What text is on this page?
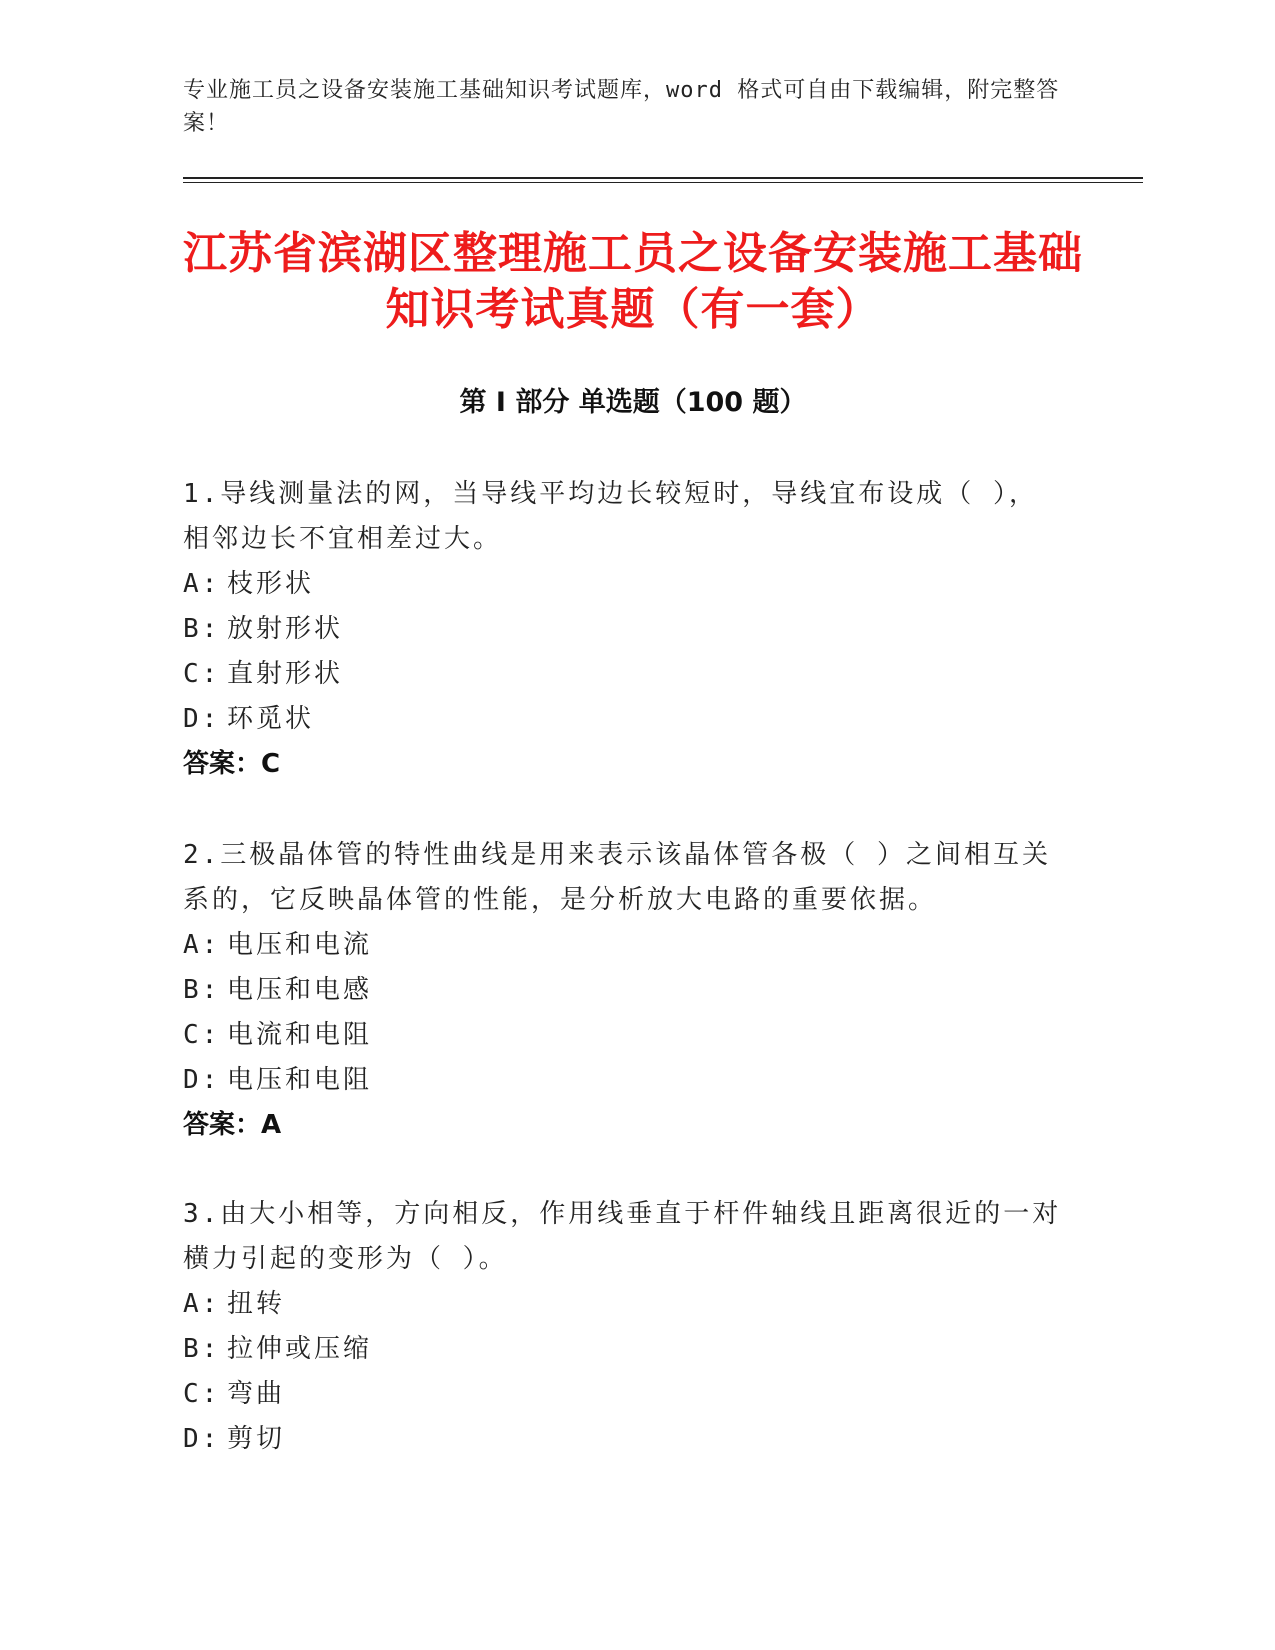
专业施工员之设备安装施工基础知识考试题库，word 格式可自由下载编辑，附完整答案！
江苏省滨湖区整理施工员之设备安装施工基础知识考试真题（有一套）
第 I 部分 单选题（100 题）

1.导线测量法的网，当导线平均边长较短时，导线宜布设成（ ），相邻边长不宜相差过大。

A: 枝形状
B: 放射形状
C: 直射形状
D: 环觅状
答案：C

2.三极晶体管的特性曲线是用来表示该晶体管各极（ ）之间相互关系的，它反映晶体管的性能，是分析放大电路的重要依据。

A: 电压和电流
B: 电压和电感
C: 电流和电阻
D: 电压和电阻
答案：A

3.由大小相等，方向相反，作用线垂直于杆件轴线且距离很近的一对横力引起的变形为（ ）。

A: 扭转
B: 拉伸或压缩
C: 弯曲
D: 剪切
